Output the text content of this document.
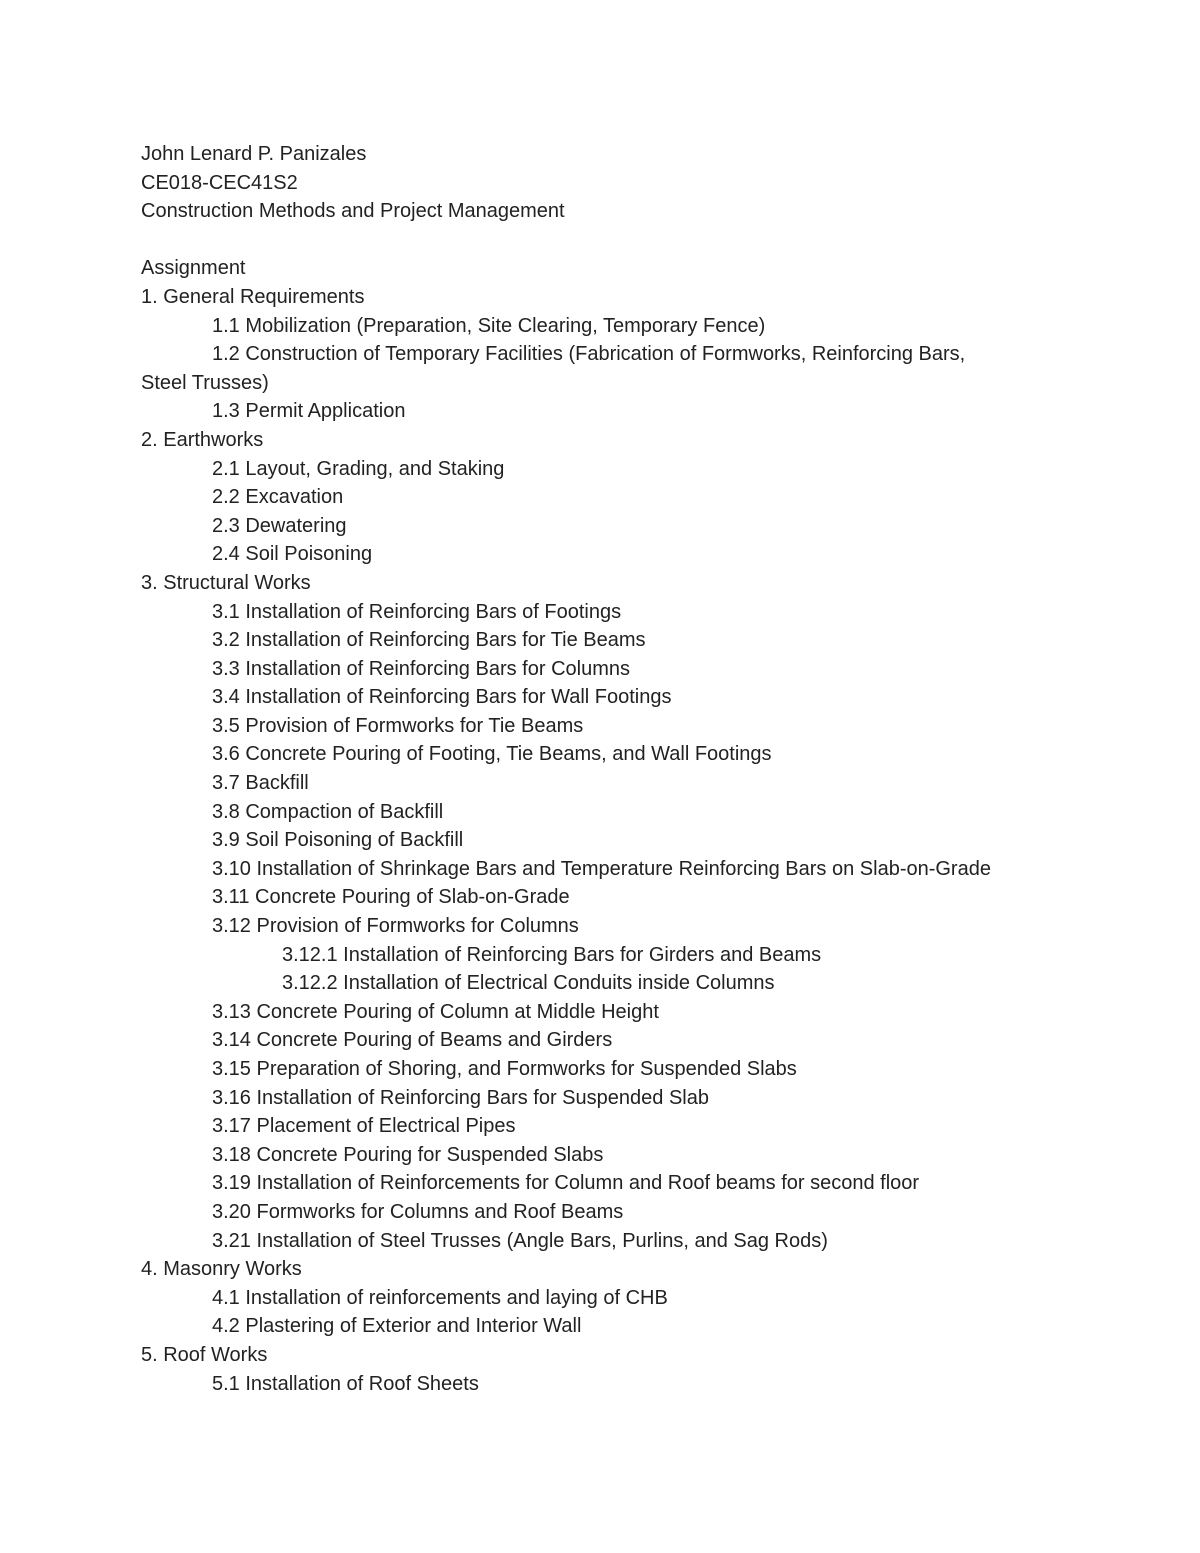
John Lenard P. Panizales

CE018-CEC41S2

Construction Methods and Project Management

Assignment

1. General Requirements

1.1 Mobilization (Preparation, Site Clearing, Temporary Fence)

1.2 Construction of Temporary Facilities (Fabrication of Formworks, Reinforcing Bars,

Steel Trusses)

1.3 Permit Application

2. Earthworks

2.1 Layout, Grading, and Staking

2.2 Excavation

2.3 Dewatering

2.4 Soil Poisoning

3. Structural Works

3.1 Installation of Reinforcing Bars of Footings

3.2 Installation of Reinforcing Bars for Tie Beams

3.3 Installation of Reinforcing Bars for Columns

3.4 Installation of Reinforcing Bars for Wall Footings

3.5 Provision of Formworks for Tie Beams

3.6 Concrete Pouring of Footing, Tie Beams, and Wall Footings

3.7 Backfill

3.8 Compaction of Backfill

3.9 Soil Poisoning of Backfill

3.10 Installation of Shrinkage Bars and Temperature Reinforcing Bars on Slab-on-Grade

3.11 Concrete Pouring of Slab-on-Grade

3.12 Provision of Formworks for Columns

3.12.1 Installation of Reinforcing Bars for Girders and Beams

3.12.2 Installation of Electrical Conduits inside Columns

3.13 Concrete Pouring of Column at Middle Height

3.14 Concrete Pouring of Beams and Girders

3.15 Preparation of Shoring, and Formworks for Suspended Slabs

3.16 Installation of Reinforcing Bars for Suspended Slab

3.17 Placement of Electrical Pipes

3.18 Concrete Pouring for Suspended Slabs

3.19 Installation of Reinforcements for Column and Roof beams for second floor

3.20 Formworks for Columns and Roof Beams

3.21 Installation of Steel Trusses (Angle Bars, Purlins, and Sag Rods)

4. Masonry Works

4.1 Installation of reinforcements and laying of CHB

4.2 Plastering of Exterior and Interior Wall

5. Roof Works

5.1 Installation of Roof Sheets
